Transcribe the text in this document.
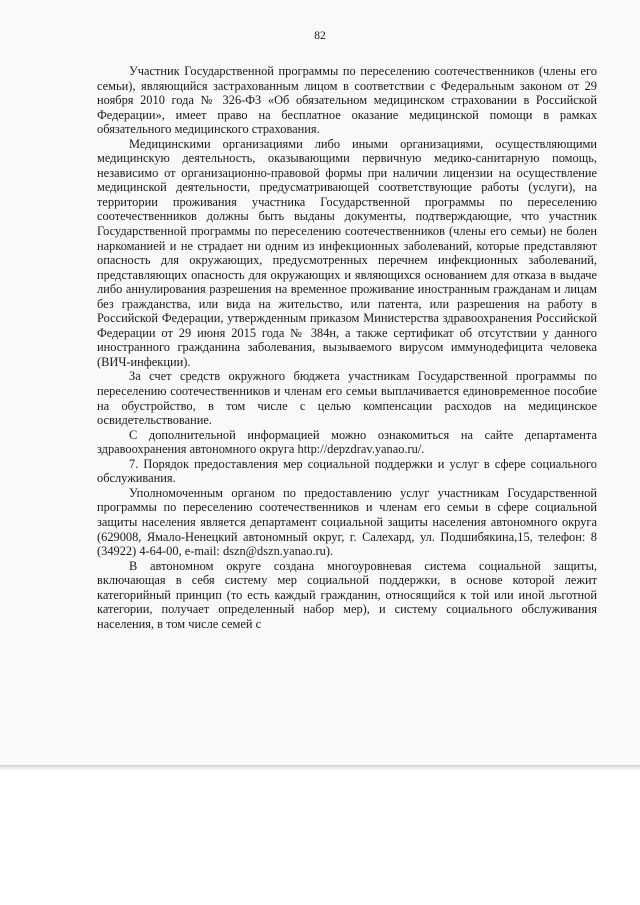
82

Участник Государственной программы по переселению соотечественников (члены его семьи), являющийся застрахованным лицом в соответствии с Федеральным законом от 29 ноября 2010 года № 326-ФЗ «Об обязательном медицинском страховании в Российской Федерации», имеет право на бесплатное оказание медицинской помощи в рамках обязательного медицинского страхования.

Медицинскими организациями либо иными организациями, осуществляющими медицинскую деятельность, оказывающими первичную медико-санитарную помощь, независимо от организационно-правовой формы при наличии лицензии на осуществление медицинской деятельности, предусматривающей соответствующие работы (услуги), на территории проживания участника Государственной программы по переселению соотечественников должны быть выданы документы, подтверждающие, что участник Государственной программы по переселению соотечественников (члены его семьи) не болен наркоманией и не страдает ни одним из инфекционных заболеваний, которые представляют опасность для окружающих, предусмотренных перечнем инфекционных заболеваний, представляющих опасность для окружающих и являющихся основанием для отказа в выдаче либо аннулирования разрешения на временное проживание иностранным гражданам и лицам без гражданства, или вида на жительство, или патента, или разрешения на работу в Российской Федерации, утвержденным приказом Министерства здравоохранения Российской Федерации от 29 июня 2015 года № 384н, а также сертификат об отсутствии у данного иностранного гражданина заболевания, вызываемого вирусом иммунодефицита человека (ВИЧ-инфекции).

За счет средств окружного бюджета участникам Государственной программы по переселению соотечественников и членам его семьи выплачивается единовременное пособие на обустройство, в том числе с целью компенсации расходов на медицинское освидетельствование.

С дополнительной информацией можно ознакомиться на сайте департамента здравоохранения автономного округа http://depzdrav.yanao.ru/.

7. Порядок предоставления мер социальной поддержки и услуг в сфере социального обслуживания.

Уполномоченным органом по предоставлению услуг участникам Государственной программы по переселению соотечественников и членам его семьи в сфере социальной защиты населения является департамент социальной защиты населения автономного округа (629008, Ямало-Ненецкий автономный округ, г. Салехард, ул. Подшибякина,15, телефон: 8 (34922) 4-64-00, e-mail: dszn@dszn.yanao.ru).

В автономном округе создана многоуровневая система социальной защиты, включающая в себя систему мер социальной поддержки, в основе которой лежит категорийный принцип (то есть каждый гражданин, относящийся к той или иной льготной категории, получает определенный набор мер), и систему социального обслуживания населения, в том числе семей с
